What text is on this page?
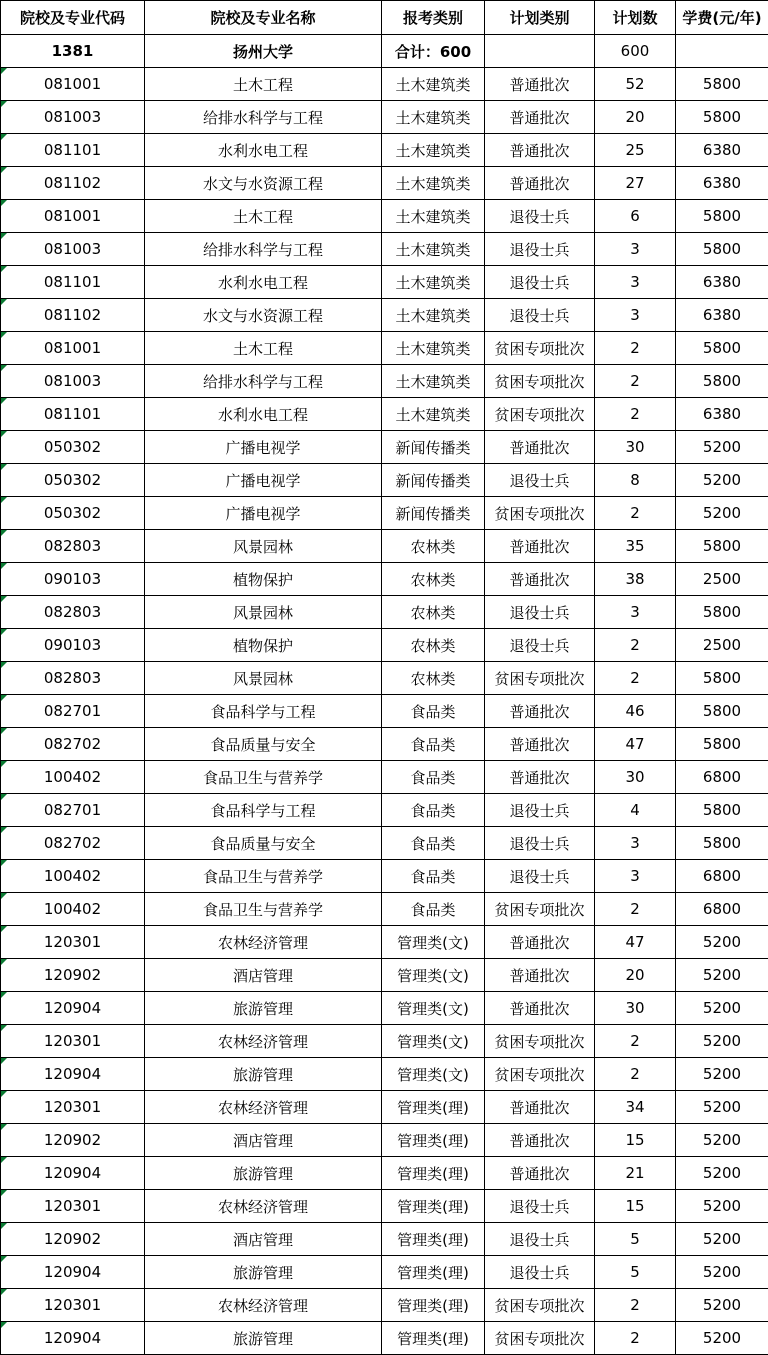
院校及专业代码	院校及专业名称	报考类别	计划类别	计划数	学费(元/年)
1381	扬州大学	合计：600		600	
081001	土木工程	土木建筑类	普通批次	52	5800
081003	给排水科学与工程	土木建筑类	普通批次	20	5800
081101	水利水电工程	土木建筑类	普通批次	25	6380
081102	水文与水资源工程	土木建筑类	普通批次	27	6380
081001	土木工程	土木建筑类	退役士兵	6	5800
081003	给排水科学与工程	土木建筑类	退役士兵	3	5800
081101	水利水电工程	土木建筑类	退役士兵	3	6380
081102	水文与水资源工程	土木建筑类	退役士兵	3	6380
081001	土木工程	土木建筑类	贫困专项批次	2	5800
081003	给排水科学与工程	土木建筑类	贫困专项批次	2	5800
081101	水利水电工程	土木建筑类	贫困专项批次	2	6380
050302	广播电视学	新闻传播类	普通批次	30	5200
050302	广播电视学	新闻传播类	退役士兵	8	5200
050302	广播电视学	新闻传播类	贫困专项批次	2	5200
082803	风景园林	农林类	普通批次	35	5800
090103	植物保护	农林类	普通批次	38	2500
082803	风景园林	农林类	退役士兵	3	5800
090103	植物保护	农林类	退役士兵	2	2500
082803	风景园林	农林类	贫困专项批次	2	5800
082701	食品科学与工程	食品类	普通批次	46	5800
082702	食品质量与安全	食品类	普通批次	47	5800
100402	食品卫生与营养学	食品类	普通批次	30	6800
082701	食品科学与工程	食品类	退役士兵	4	5800
082702	食品质量与安全	食品类	退役士兵	3	5800
100402	食品卫生与营养学	食品类	退役士兵	3	6800
100402	食品卫生与营养学	食品类	贫困专项批次	2	6800
120301	农林经济管理	管理类(文)	普通批次	47	5200
120902	酒店管理	管理类(文)	普通批次	20	5200
120904	旅游管理	管理类(文)	普通批次	30	5200
120301	农林经济管理	管理类(文)	贫困专项批次	2	5200
120904	旅游管理	管理类(文)	贫困专项批次	2	5200
120301	农林经济管理	管理类(理)	普通批次	34	5200
120902	酒店管理	管理类(理)	普通批次	15	5200
120904	旅游管理	管理类(理)	普通批次	21	5200
120301	农林经济管理	管理类(理)	退役士兵	15	5200
120902	酒店管理	管理类(理)	退役士兵	5	5200
120904	旅游管理	管理类(理)	退役士兵	5	5200
120301	农林经济管理	管理类(理)	贫困专项批次	2	5200
120904	旅游管理	管理类(理)	贫困专项批次	2	5200
